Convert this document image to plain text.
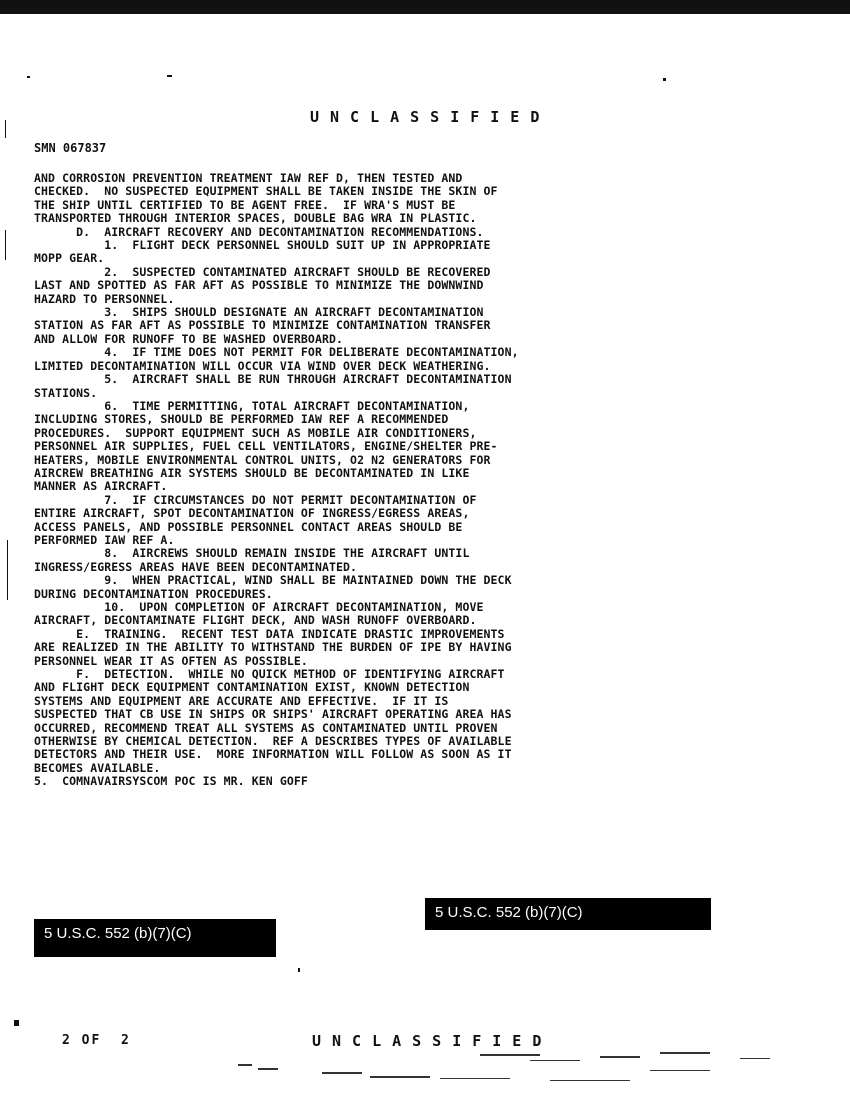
UNCLASSIFIED
SMN 067837
AND CORROSION PREVENTION TREATMENT IAW REF D, THEN TESTED AND
CHECKED.  NO SUSPECTED EQUIPMENT SHALL BE TAKEN INSIDE THE SKIN OF
THE SHIP UNTIL CERTIFIED TO BE AGENT FREE.  IF WRA'S MUST BE
TRANSPORTED THROUGH INTERIOR SPACES, DOUBLE BAG WRA IN PLASTIC.
D.  AIRCRAFT RECOVERY AND DECONTAMINATION RECOMMENDATIONS.
1.  FLIGHT DECK PERSONNEL SHOULD SUIT UP IN APPROPRIATE
MOPP GEAR.
2.  SUSPECTED CONTAMINATED AIRCRAFT SHOULD BE RECOVERED
LAST AND SPOTTED AS FAR AFT AS POSSIBLE TO MINIMIZE THE DOWNWIND
HAZARD TO PERSONNEL.
3.  SHIPS SHOULD DESIGNATE AN AIRCRAFT DECONTAMINATION
STATION AS FAR AFT AS POSSIBLE TO MINIMIZE CONTAMINATION TRANSFER
AND ALLOW FOR RUNOFF TO BE WASHED OVERBOARD.
4.  IF TIME DOES NOT PERMIT FOR DELIBERATE DECONTAMINATION,
LIMITED DECONTAMINATION WILL OCCUR VIA WIND OVER DECK WEATHERING.
5.  AIRCRAFT SHALL BE RUN THROUGH AIRCRAFT DECONTAMINATION
STATIONS.
6.  TIME PERMITTING, TOTAL AIRCRAFT DECONTAMINATION,
INCLUDING STORES, SHOULD BE PERFORMED IAW REF A RECOMMENDED
PROCEDURES.  SUPPORT EQUIPMENT SUCH AS MOBILE AIR CONDITIONERS,
PERSONNEL AIR SUPPLIES, FUEL CELL VENTILATORS, ENGINE/SHELTER PRE-
HEATERS, MOBILE ENVIRONMENTAL CONTROL UNITS, O2 N2 GENERATORS FOR
AIRCREW BREATHING AIR SYSTEMS SHOULD BE DECONTAMINATED IN LIKE
MANNER AS AIRCRAFT.
7.  IF CIRCUMSTANCES DO NOT PERMIT DECONTAMINATION OF
ENTIRE AIRCRAFT, SPOT DECONTAMINATION OF INGRESS/EGRESS AREAS,
ACCESS PANELS, AND POSSIBLE PERSONNEL CONTACT AREAS SHOULD BE
PERFORMED IAW REF A.
8.  AIRCREWS SHOULD REMAIN INSIDE THE AIRCRAFT UNTIL
INGRESS/EGRESS AREAS HAVE BEEN DECONTAMINATED.
9.  WHEN PRACTICAL, WIND SHALL BE MAINTAINED DOWN THE DECK
DURING DECONTAMINATION PROCEDURES.
10.  UPON COMPLETION OF AIRCRAFT DECONTAMINATION, MOVE
AIRCRAFT, DECONTAMINATE FLIGHT DECK, AND WASH RUNOFF OVERBOARD.
E.  TRAINING.  RECENT TEST DATA INDICATE DRASTIC IMPROVEMENTS
ARE REALIZED IN THE ABILITY TO WITHSTAND THE BURDEN OF IPE BY HAVING
PERSONNEL WEAR IT AS OFTEN AS POSSIBLE.
F.  DETECTION.  WHILE NO QUICK METHOD OF IDENTIFYING AIRCRAFT
AND FLIGHT DECK EQUIPMENT CONTAMINATION EXIST, KNOWN DETECTION
SYSTEMS AND EQUIPMENT ARE ACCURATE AND EFFECTIVE.  IF IT IS
SUSPECTED THAT CB USE IN SHIPS OR SHIPS' AIRCRAFT OPERATING AREA HAS
OCCURRED, RECOMMEND TREAT ALL SYSTEMS AS CONTAMINATED UNTIL PROVEN
OTHERWISE BY CHEMICAL DETECTION.  REF A DESCRIBES TYPES OF AVAILABLE
DETECTORS AND THEIR USE.  MORE INFORMATION WILL FOLLOW AS SOON AS IT
BECOMES AVAILABLE.
5.  COMNAVAIRSYSCOM POC IS MR. KEN GOFF
5 U.S.C. 552 (b)(7)(C)
5 U.S.C. 552 (b)(7)(C)
2 OF  2	UNCLASSIFIED
